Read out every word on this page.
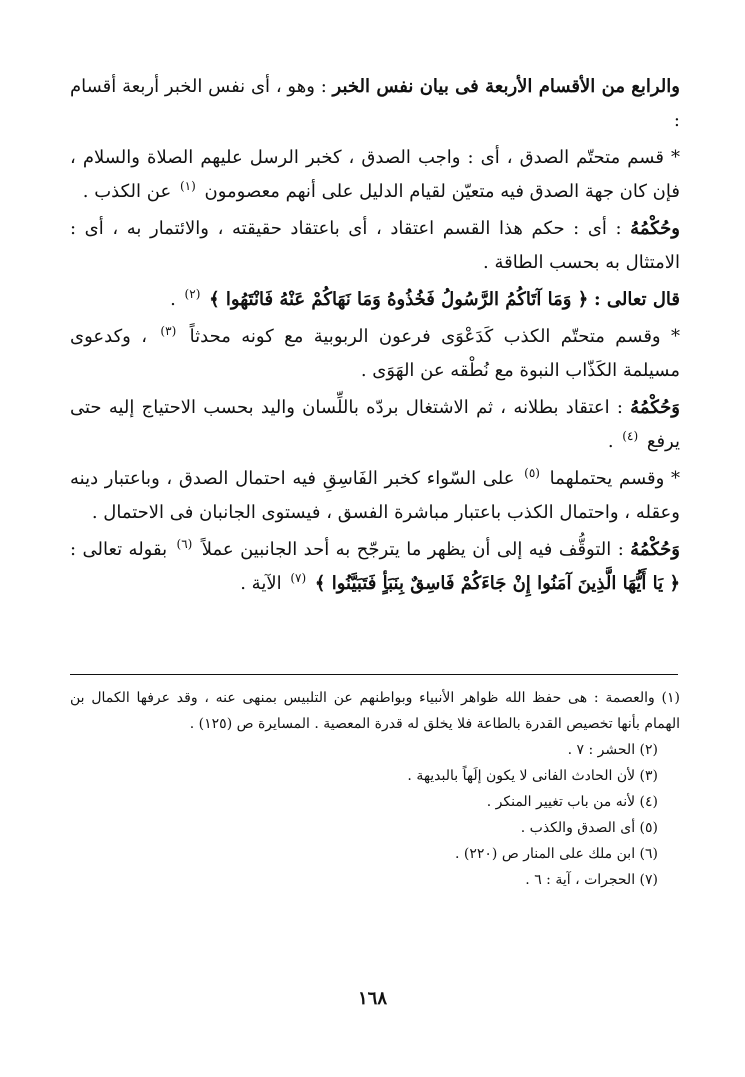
والرابع من الأقسام الأربعة فى بيان نفس الخبر : وهو ، أى نفس الخبر أربعة أقسام :

* قسم متحتّم الصدق ، أى : واجب الصدق ، كخبر الرسل عليهم الصلاة والسلام ، فإن كان جهة الصدق فيه متعيّن لقيام الدليل على أنهم معصومون $^{(١)}$ عن الكذب .

وحُكْمُهُ : أى : حكم هذا القسم اعتقاد ، أى باعتقاد حقيقته ، والائتمار به ، أى : الامتثال به بحسب الطاقة .

قال تعالى : ﴿ وَمَا آتَاكُمُ الرَّسُولُ فَخُذُوهُ وَمَا نَهَاكُمْ عَنْهُ فَانْتَهُوا ﴾ $^{(٢)}$ .

* وقسم متحتّم الكذب كَدَعْوَى فرعون الربوبية مع كونه محدثاً $^{(٣)}$ ، وكدعوى مسيلمة الكَذّاب النبوة مع نُطْقه عن الهَوَى .

وَحُكْمُهُ : اعتقاد بطلانه ، ثم الاشتغال بردّه باللِّسان واليد بحسب الاحتياج إليه حتى يرفع $^{(٤)}$ .

* وقسم يحتملهما $^{(٥)}$ على السّواء كخبر الفَاسِقِ فيه احتمال الصدق ، وباعتبار دينه وعقله ، واحتمال الكذب باعتبار مباشرة الفسق ، فيستوى الجانبان فى الاحتمال .

وَحُكْمُهُ : التوقُّف فيه إلى أن يظهر ما يترجّح به أحد الجانبين عملاً $^{(٦)}$ بقوله تعالى : ﴿ يَا أَيُّهَا الَّذِينَ آمَنُوا إِنْ جَاءَكُمْ فَاسِقٌ بِنَبَأٍ فَتَبَيَّنُوا ﴾ $^{(٧)}$ الآية .

(١) والعصمة : هى حفظ الله ظواهر الأنبياء وبواطنهم عن التلبيس بمنهى عنه ، وقد عرفها الكمال بن الهمام بأنها تخصيص القدرة بالطاعة فلا يخلق له قدرة المعصية . المسايرة ص (١٢٥) .

(٢) الحشر : ٧ .

(٣) لأن الحادث الفانى لا يكون إلَهاً بالبديهة .

(٤) لأنه من باب تغيير المنكر .

(٥) أى الصدق والكذب .

(٦) ابن ملك على المنار ص (٢٢٠) .

(٧) الحجرات ، آية : ٦ .

١٦٨
